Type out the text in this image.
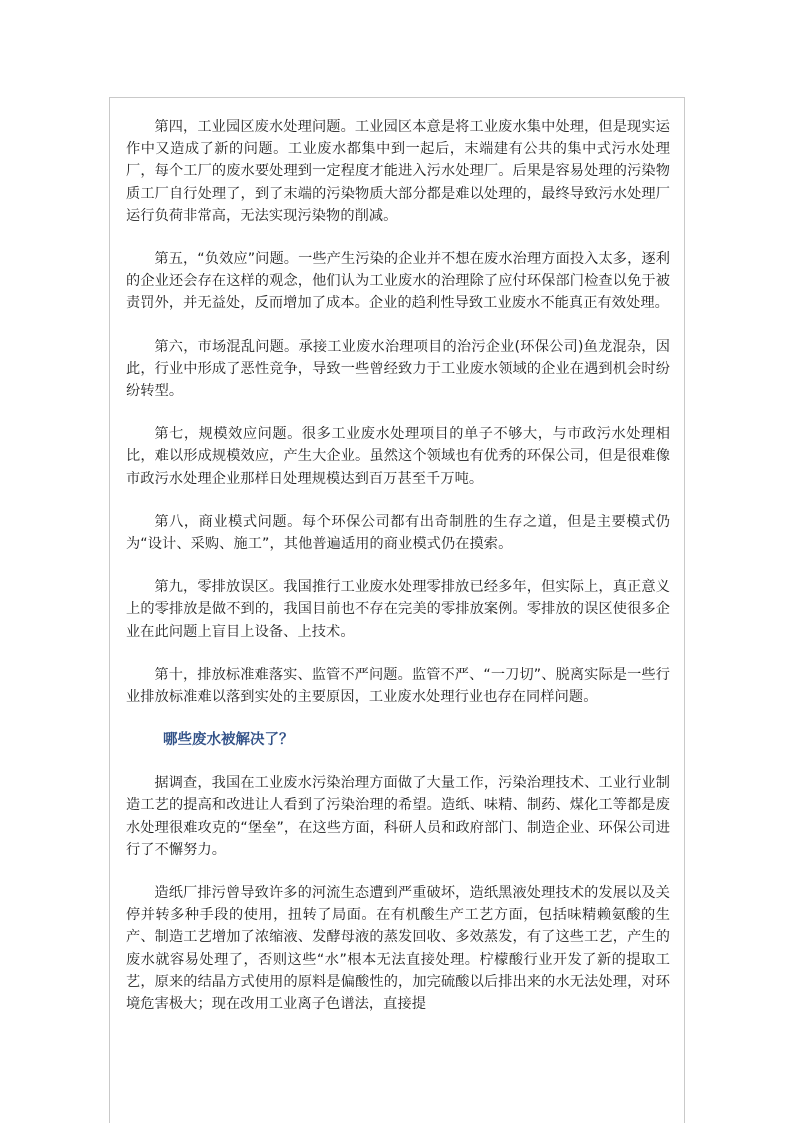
第四，工业园区废水处理问题。工业园区本意是将工业废水集中处理，但是现实运作中又造成了新的问题。工业废水都集中到一起后，末端建有公共的集中式污水处理厂，每个工厂的废水要处理到一定程度才能进入污水处理厂。后果是容易处理的污染物质工厂自行处理了，到了末端的污染物质大部分都是难以处理的，最终导致污水处理厂运行负荷非常高，无法实现污染物的削减。

第五，“负效应”问题。一些产生污染的企业并不想在废水治理方面投入太多，逐利的企业还会存在这样的观念，他们认为工业废水的治理除了应付环保部门检查以免于被责罚外，并无益处，反而增加了成本。企业的趋利性导致工业废水不能真正有效处理。

第六，市场混乱问题。承接工业废水治理项目的治污企业(环保公司)鱼龙混杂，因此，行业中形成了恶性竞争，导致一些曾经致力于工业废水领域的企业在遇到机会时纷纷转型。

第七，规模效应问题。很多工业废水处理项目的单子不够大，与市政污水处理相比，难以形成规模效应，产生大企业。虽然这个领域也有优秀的环保公司，但是很难像市政污水处理企业那样日处理规模达到百万甚至千万吨。

第八，商业模式问题。每个环保公司都有出奇制胜的生存之道，但是主要模式仍为“设计、采购、施工”，其他普遍适用的商业模式仍在摸索。

第九，零排放误区。我国推行工业废水处理零排放已经多年，但实际上，真正意义上的零排放是做不到的，我国目前也不存在完美的零排放案例。零排放的误区使很多企业在此问题上盲目上设备、上技术。

第十，排放标准难落实、监管不严问题。监管不严、“一刀切”、脱离实际是一些行业排放标准难以落到实处的主要原因，工业废水处理行业也存在同样问题。

哪些废水被解决了？

据调查，我国在工业废水污染治理方面做了大量工作，污染治理技术、工业行业制造工艺的提高和改进让人看到了污染治理的希望。造纸、味精、制药、煤化工等都是废水处理很难攻克的“堡垒”，在这些方面，科研人员和政府部门、制造企业、环保公司进行了不懈努力。

造纸厂排污曾导致许多的河流生态遭到严重破坏，造纸黑液处理技术的发展以及关停并转多种手段的使用，扭转了局面。在有机酸生产工艺方面，包括味精赖氨酸的生产、制造工艺增加了浓缩液、发酵母液的蒸发回收、多效蒸发，有了这些工艺，产生的废水就容易处理了，否则这些“水”根本无法直接处理。柠檬酸行业开发了新的提取工艺，原来的结晶方式使用的原料是偏酸性的，加完硫酸以后排出来的水无法处理，对环境危害极大；现在改用工业离子色谱法，直接提
